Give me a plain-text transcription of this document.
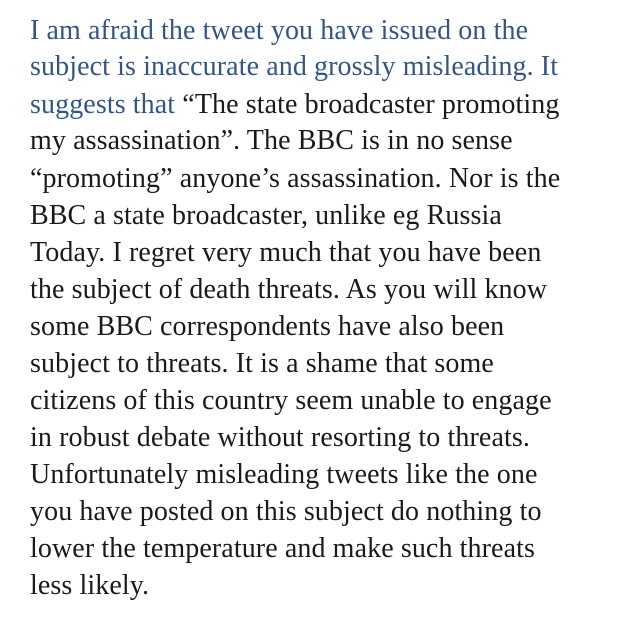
I am afraid the tweet you have issued on the

subject is inaccurate and grossly misleading. It

suggests that “The state broadcaster promoting

my assassination”. The BBC is in no sense

“promoting” anyone’s assassination. Nor is the

BBC a state broadcaster, unlike eg Russia

Today. I regret very much that you have been

the subject of death threats. As you will know

some BBC correspondents have also been

subject to threats. It is a shame that some

citizens of this country seem unable to engage

in robust debate without resorting to threats.

Unfortunately misleading tweets like the one

you have posted on this subject do nothing to

lower the temperature and make such threats

less likely.
